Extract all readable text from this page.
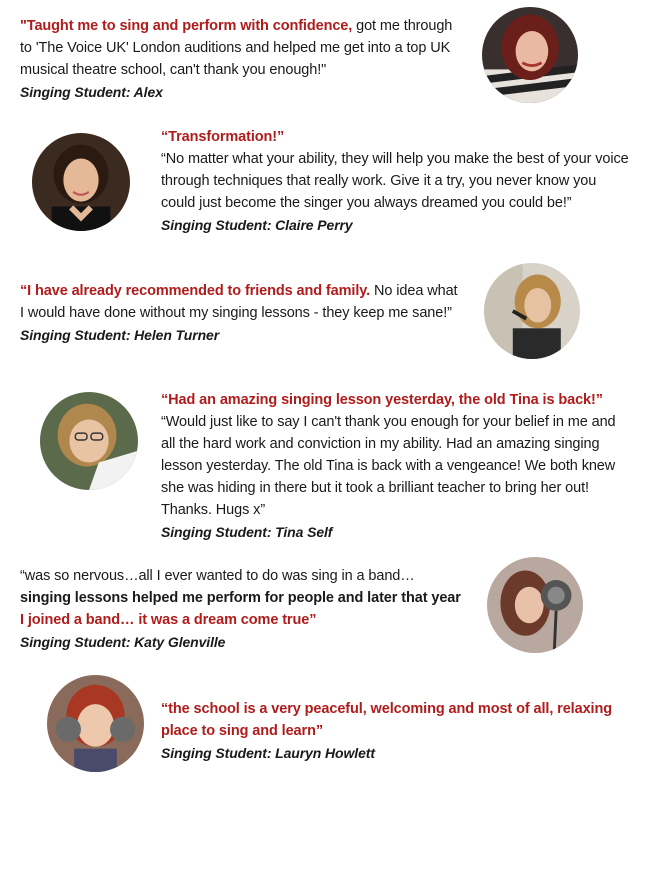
"Taught me to sing and perform with confidence, got me through to 'The Voice UK' London auditions and helped me get into a top UK musical theatre school, can't thank you enough!"
Singing Student: Alex
“Transformation!”
“No matter what your ability, they will help you make the best of your voice through techniques that really work. Give it a try, you never know you could just become the singer you always dreamed you could be!”
Singing Student: Claire Perry
“I have already recommended to friends and family. No idea what I would have done without my singing lessons - they keep me sane!”
Singing Student: Helen Turner
“Had an amazing singing lesson yesterday, the old Tina is back!”
“Would just like to say I can't thank you enough for your belief in me and all the hard work and conviction in my ability. Had an amazing singing lesson yesterday. The old Tina is back with a vengeance! We both knew she was hiding in there but it took a brilliant teacher to bring her out! Thanks. Hugs x”
Singing Student: Tina Self
“was so nervous…all I ever wanted to do was sing in a band…
singing lessons helped me perform for people and later that year
I joined a band… it was a dream come true”
Singing Student: Katy Glenville
“the school is a very peaceful, welcoming and most of all, relaxing place to sing and learn”
Singing Student: Lauryn Howlett
